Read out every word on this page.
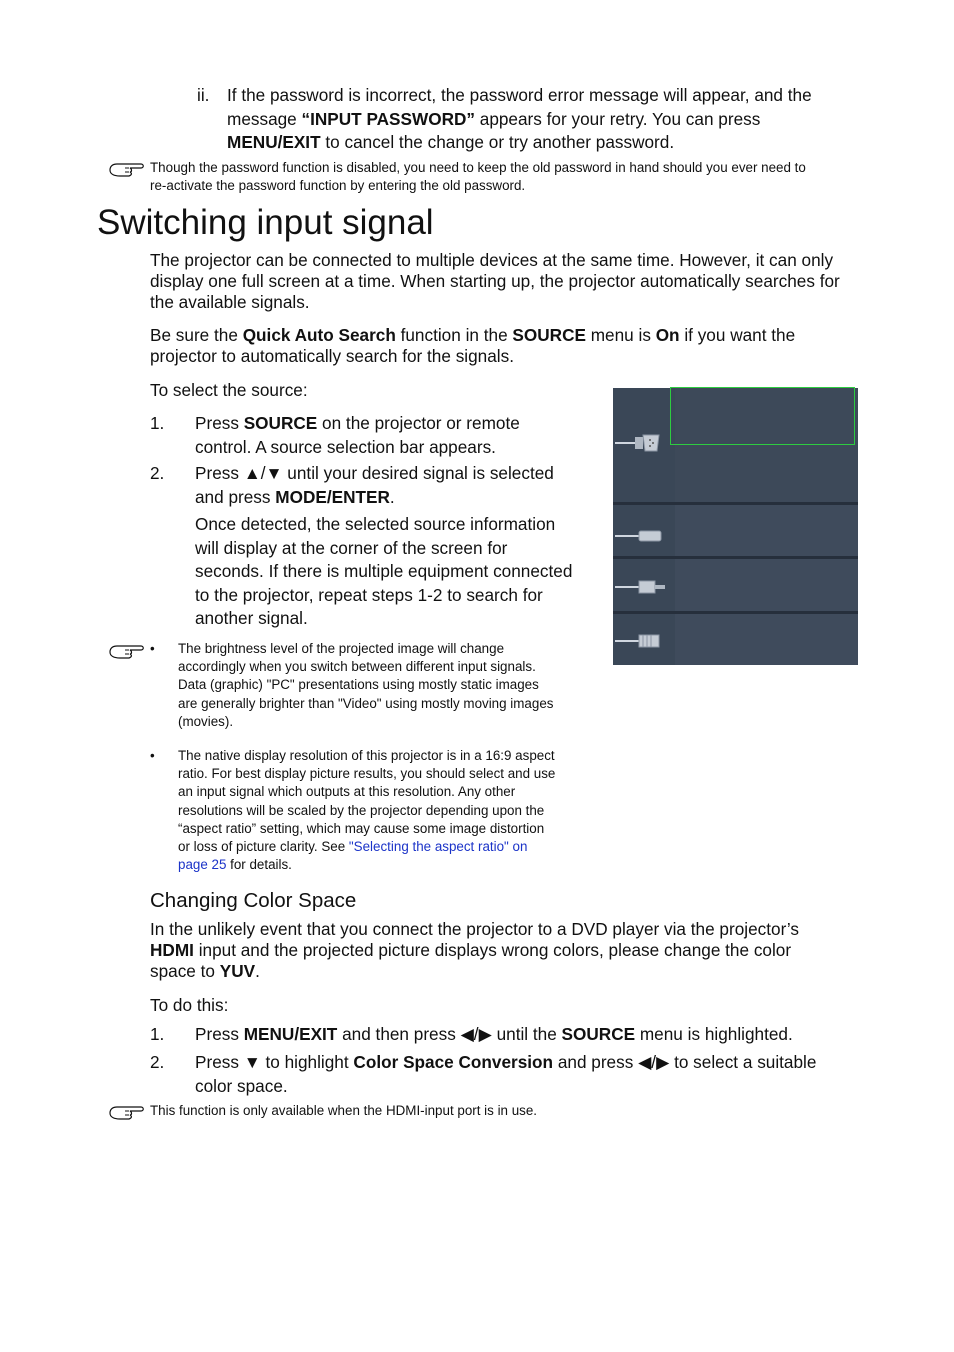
ii. If the password is incorrect, the password error message will appear, and the
message “INPUT PASSWORD” appears for your retry. You can press
MENU/EXIT to cancel the change or try another password.
Though the password function is disabled, you need to keep the old password in hand should you ever need to
re-activate the password function by entering the old password.
Switching input signal
The projector can be connected to multiple devices at the same time. However, it can only
display one full screen at a time. When starting up, the projector automatically searches for
the available signals.
Be sure the Quick Auto Search function in the SOURCE menu is On if you want the
projector to automatically search for the signals.
To select the source:
1. Press SOURCE on the projector or remote
control. A source selection bar appears.
2. Press ▲/▼ until your desired signal is selected
and press MODE/ENTER.
Once detected, the selected source information
will display at the corner of the screen for
seconds. If there is multiple equipment connected
to the projector, repeat steps 1-2 to search for
another signal.
• The brightness level of the projected image will change
accordingly when you switch between different input signals.
Data (graphic) "PC" presentations using mostly static images
are generally brighter than "Video" using mostly moving images
(movies).
• The native display resolution of this projector is in a 16:9 aspect
ratio. For best display picture results, you should select and use
an input signal which outputs at this resolution. Any other
resolutions will be scaled by the projector depending upon the
“aspect ratio” setting, which may cause some image distortion
or loss of picture clarity. See "Selecting the aspect ratio" on
page 25 for details.
Changing Color Space
In the unlikely event that you connect the projector to a DVD player via the projector’s
HDMI input and the projected picture displays wrong colors, please change the color
space to YUV.
To do this:
1. Press MENU/EXIT and then press ◀/▶ until the SOURCE menu is highlighted.
2. Press ▼ to highlight Color Space Conversion and press ◀/▶ to select a suitable
color space.
This function is only available when the HDMI-input port is in use.
